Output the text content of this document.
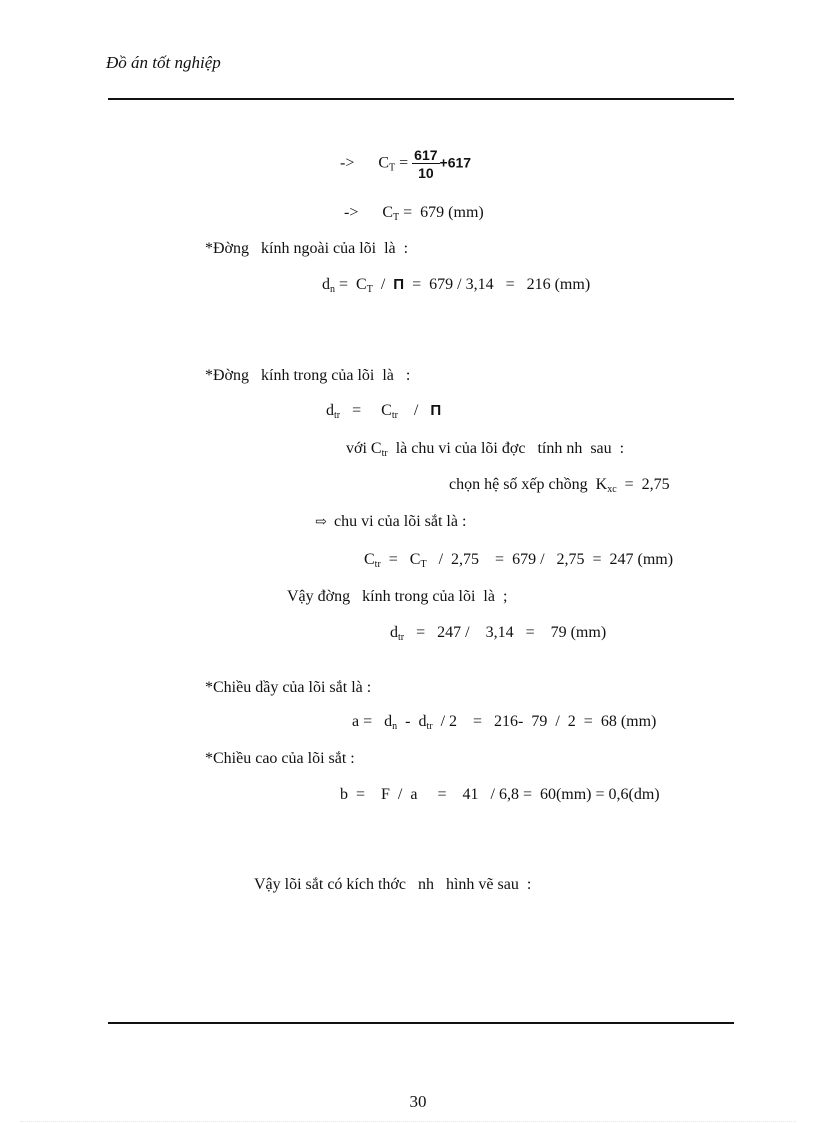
Đồ án tốt nghiệp
-> $C_T = \frac{617}{10} +617$
-> $C_T = 679$ (mm)
*Đờng   kính ngoài của lõi  là  :
$d_n = C_T / \Pi = 679 / 3,14 = 216$ (mm)
*Đờng   kính trong của lõi  là   :
$d_{tr}$   =     $C_{tr}$    /   Π
với $C_{tr}$  là chu vi của lõi đợc   tính nh  sau  :
chọn hệ số xếp chồng  $K_{xc} = 2,75$
⇨ chu vi của lõi sắt là :
$C_{tr} = C_T / 2,75$    =  679 /   2,75  =  247 (mm)
Vậy đờng   kính trong của lõi  là  ;
$d_{tr} = 247$ /    3,14   =    79 (mm)
*Chiều dầy của lõi sắt là :
$a = d_n - d_{tr} / 2$    =   216-  79  /  2  =  68 (mm)
*Chiều cao của lõi sắt :
b  =    F  /  a     =    41   / 6,8 =  60(mm) = 0,6(dm)
Vậy lõi sắt có kích thớc   nh   hình vẽ sau  :
30
